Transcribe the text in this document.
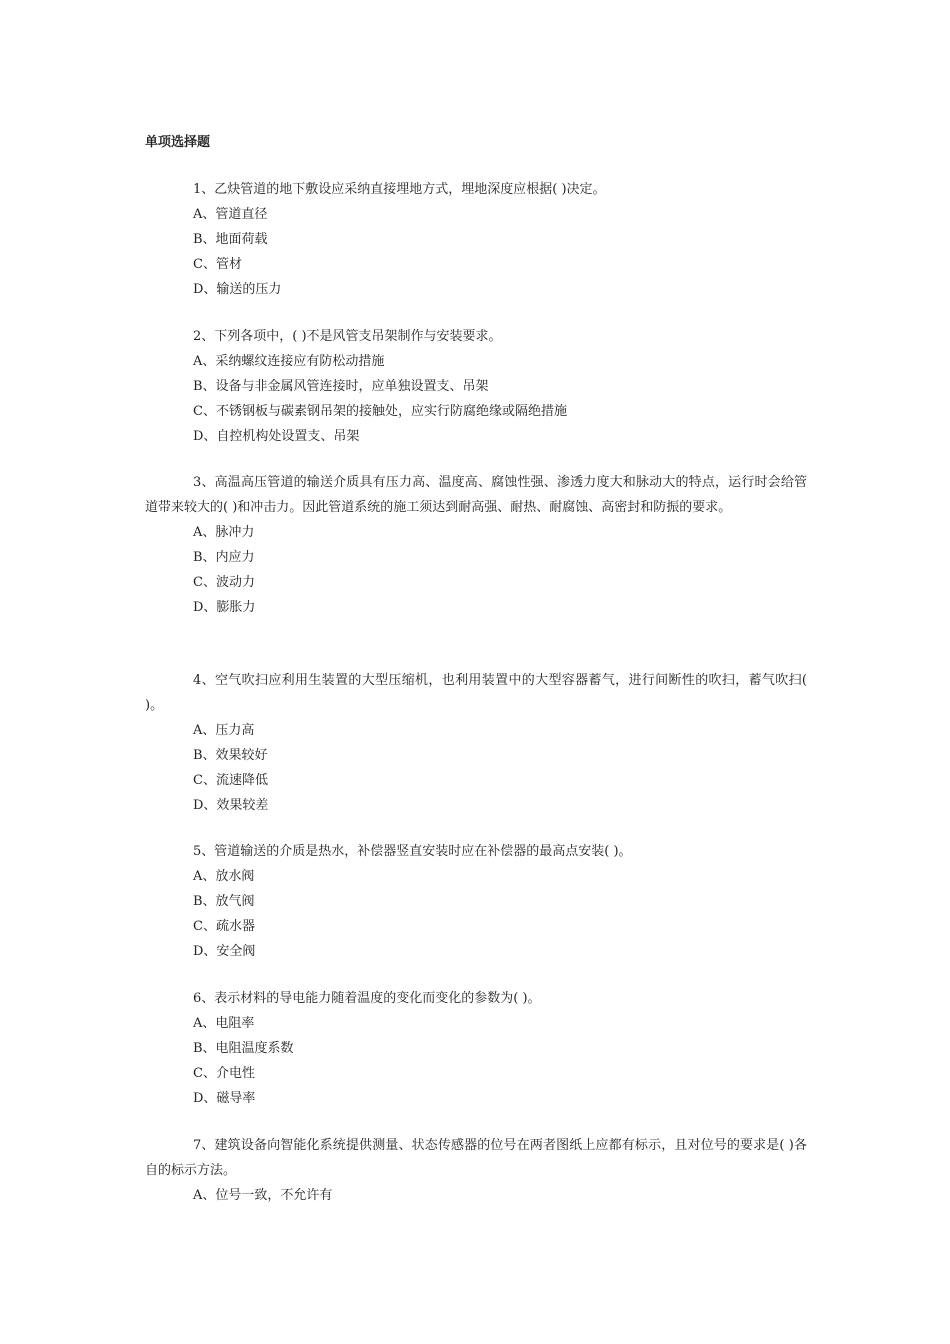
单项选择题

1、乙炔管道的地下敷设应采纳直接埋地方式，埋地深度应根据( )决定。

A、管道直径

B、地面荷载

C、管材

D、输送的压力

2、下列各项中，( )不是风管支吊架制作与安装要求。

A、采纳螺纹连接应有防松动措施

B、设备与非金属风管连接时，应单独设置支、吊架

C、不锈钢板与碳素钢吊架的接触处，应实行防腐绝缘或隔绝措施

D、自控机构处设置支、吊架

3、高温高压管道的输送介质具有压力高、温度高、腐蚀性强、渗透力度大和脉动大的特点，运行时会给管道带来较大的( )和冲击力。因此管道系统的施工须达到耐高强、耐热、耐腐蚀、高密封和防振的要求。

A、脉冲力

B、内应力

C、波动力

D、膨胀力

4、空气吹扫应利用生装置的大型压缩机，也利用装置中的大型容器蓄气，进行间断性的吹扫，蓄气吹扫( )。

A、压力高

B、效果较好

C、流速降低

D、效果较差

5、管道输送的介质是热水，补偿器竖直安装时应在补偿器的最高点安装( )。

A、放水阀

B、放气阀

C、疏水器

D、安全阀

6、表示材料的导电能力随着温度的变化而变化的参数为( )。

A、电阻率

B、电阻温度系数

C、介电性

D、磁导率

7、建筑设备向智能化系统提供测量、状态传感器的位号在两者图纸上应都有标示，且对位号的要求是( )各自的标示方法。

A、位号一致，不允许有
